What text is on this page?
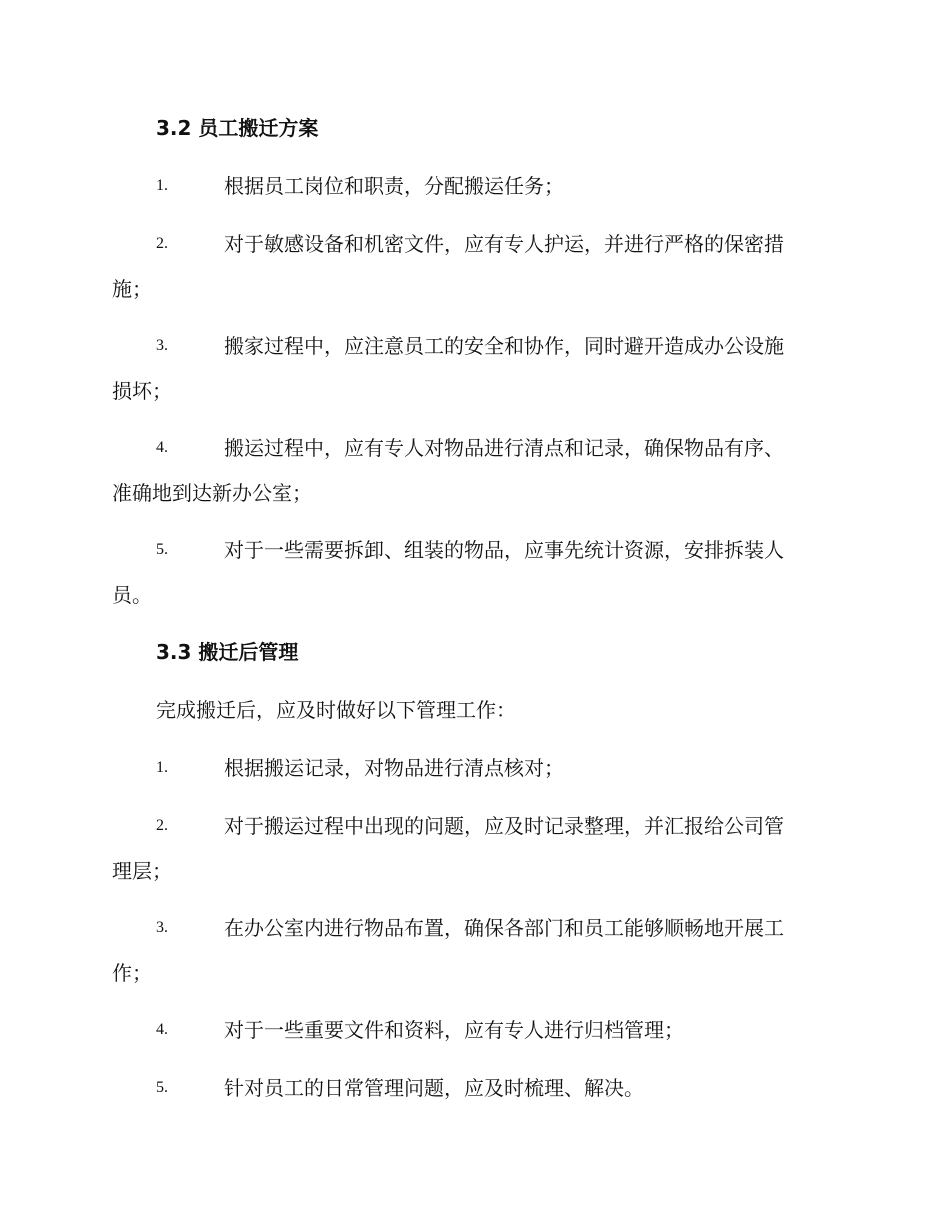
3.2 员工搬迁方案
1.	根据员工岗位和职责，分配搬运任务；
2.	对于敏感设备和机密文件，应有专人护运，并进行严格的保密措
施；
3.	搬家过程中，应注意员工的安全和协作，同时避开造成办公设施
损坏；
4.	搬运过程中，应有专人对物品进行清点和记录，确保物品有序、
准确地到达新办公室；
5.	对于一些需要拆卸、组装的物品，应事先统计资源，安排拆装人
员。
3.3 搬迁后管理
完成搬迁后，应及时做好以下管理工作：
1.	根据搬运记录，对物品进行清点核对；
2.	对于搬运过程中出现的问题，应及时记录整理，并汇报给公司管
理层；
3.	在办公室内进行物品布置，确保各部门和员工能够顺畅地开展工
作；
4.	对于一些重要文件和资料，应有专人进行归档管理；
5.	针对员工的日常管理问题，应及时梳理、解决。
